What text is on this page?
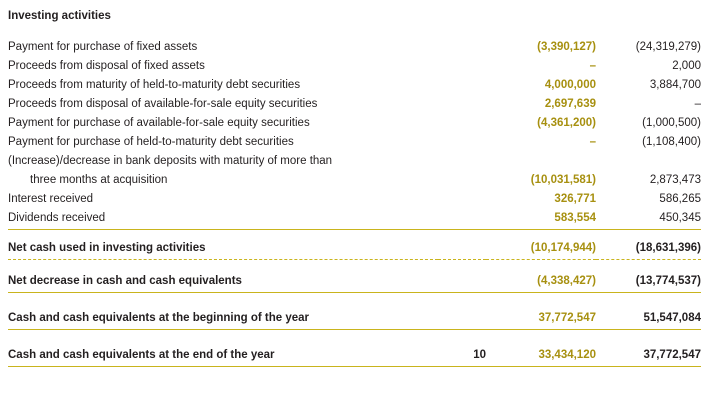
Investing activities			

Payment for purchase of fixed assets		(3,390,127)	(24,319,279)
Proceeds from disposal of fixed assets		–	2,000
Proceeds from maturity of held-to-maturity debt securities		4,000,000	3,884,700
Proceeds from disposal of available-for-sale equity securities		2,697,639	–
Payment for purchase of available-for-sale equity securities		(4,361,200)	(1,000,500)
Payment for purchase of held-to-maturity debt securities		–	(1,108,400)
(Increase)/decrease in bank deposits with maturity of more than			
three months at acquisition		(10,031,581)	2,873,473
Interest received		326,771	586,265
Dividends received		583,554	450,345

Net cash used in investing activities		(10,174,944)	(18,631,396)

Net decrease in cash and cash equivalents		(4,338,427)	(13,774,537)

Cash and cash equivalents at the beginning of the year		37,772,547	51,547,084

Cash and cash equivalents at the end of the year	10	33,434,120	37,772,547
